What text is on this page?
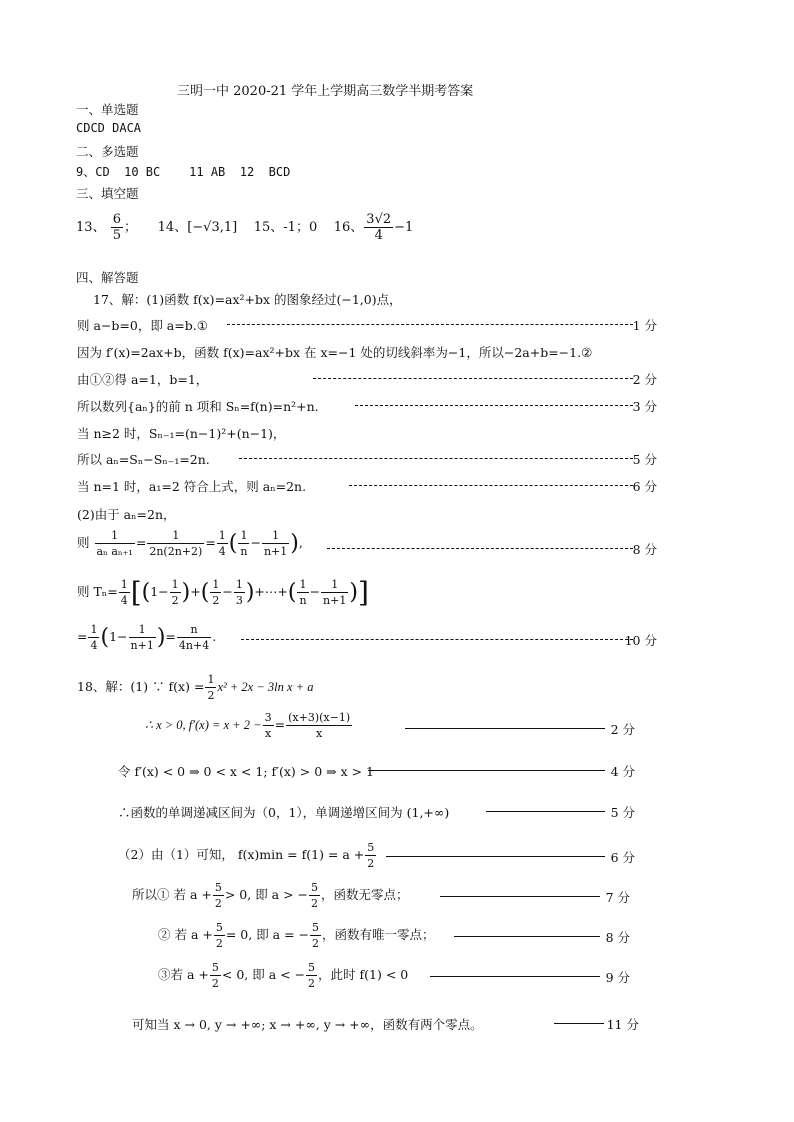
三明一中 2020-21 学年上学期高三数学半期考答案
一、单选题
CDCD DACA
二、多选题
9、CD  10 BC    11 AB  12  BCD
三、填空题
13、 $\frac{6}{5}$ ； 14、[−√3,1] 15、-1；0 16、 $\frac{3√2}{4} -1$
四、解答题
17、解：(1)函数 f(x)=ax²+bx 的图象经过(−1,0)点，
则 a−b=0，即 a=b.①	1 分
因为 f′(x)=2ax+b，函数 f(x)=ax²+bx 在 x=−1 处的切线斜率为−1，所以−2a+b=−1.②
由①②得 a=1，b=1，	2 分
所以数列{aₙ}的前 n 项和 Sₙ=f(n)=n²+n.	3 分
当 n≥2 时，Sₙ₋₁=(n−1)²+(n−1)，
所以 aₙ=Sₙ−Sₙ₋₁=2n.	5 分
当 n=1 时，a₁=2 符合上式，则 aₙ=2n.	6 分
(2)由于 aₙ=2n，
则 $\frac{1}{\text{aₙ aₙ₊₁}} = \frac{1}{2n(2n+2)} = \frac{1}{4}$ ( $\frac{1}{n} - \frac{1}{n+1}$ ),	8 分
则 $T_n= \frac{1}{4} [(1- \frac{1}{2}$ )+( $\frac{1}{2} - \frac{1}{3}$ )+⋯+( $\frac{1}{n} - \frac{1}{n+1}$ )]
= $\frac{1}{4} (1- \frac{1}{n+1}$ )= $\frac{n}{4n+4}$ .	10 分
18、解：(1) ∵ $f(x) = \frac{1}{2} x^2 + 2x - 3\ln$ x + a
∴ x > 0, $f'(x) = x + 2 - \frac{3}{x} = \frac{(x+3)(x-1)}{x}$	2 分
令 f′(x) < 0 ⇒ 0 < x < 1; f′(x) > 0 ⇒ x > 1	4 分
∴函数的单调递减区间为（0，1），单调递增区间为 (1,+∞)	5 分
（2）由（1）可知， $f(x)\min = f(1) = a + \frac{5}{2}$	6 分
所以① 若 $a + \frac{5}{2} > 0$, 即 a > − $\frac{5}{2}$ ，函数无零点；	7 分
② 若 $a + \frac{5}{2} = 0$, 即 a = − $\frac{5}{2}$ ，函数有唯一零点；	8 分
③若 $a + \frac{5}{2} < 0$, 即 a < − $\frac{5}{2}$ ，此时 f(1) < 0	9 分
可知当 x → 0, y → +∞; x → +∞, y → +∞，函数有两个零点。	11 分
